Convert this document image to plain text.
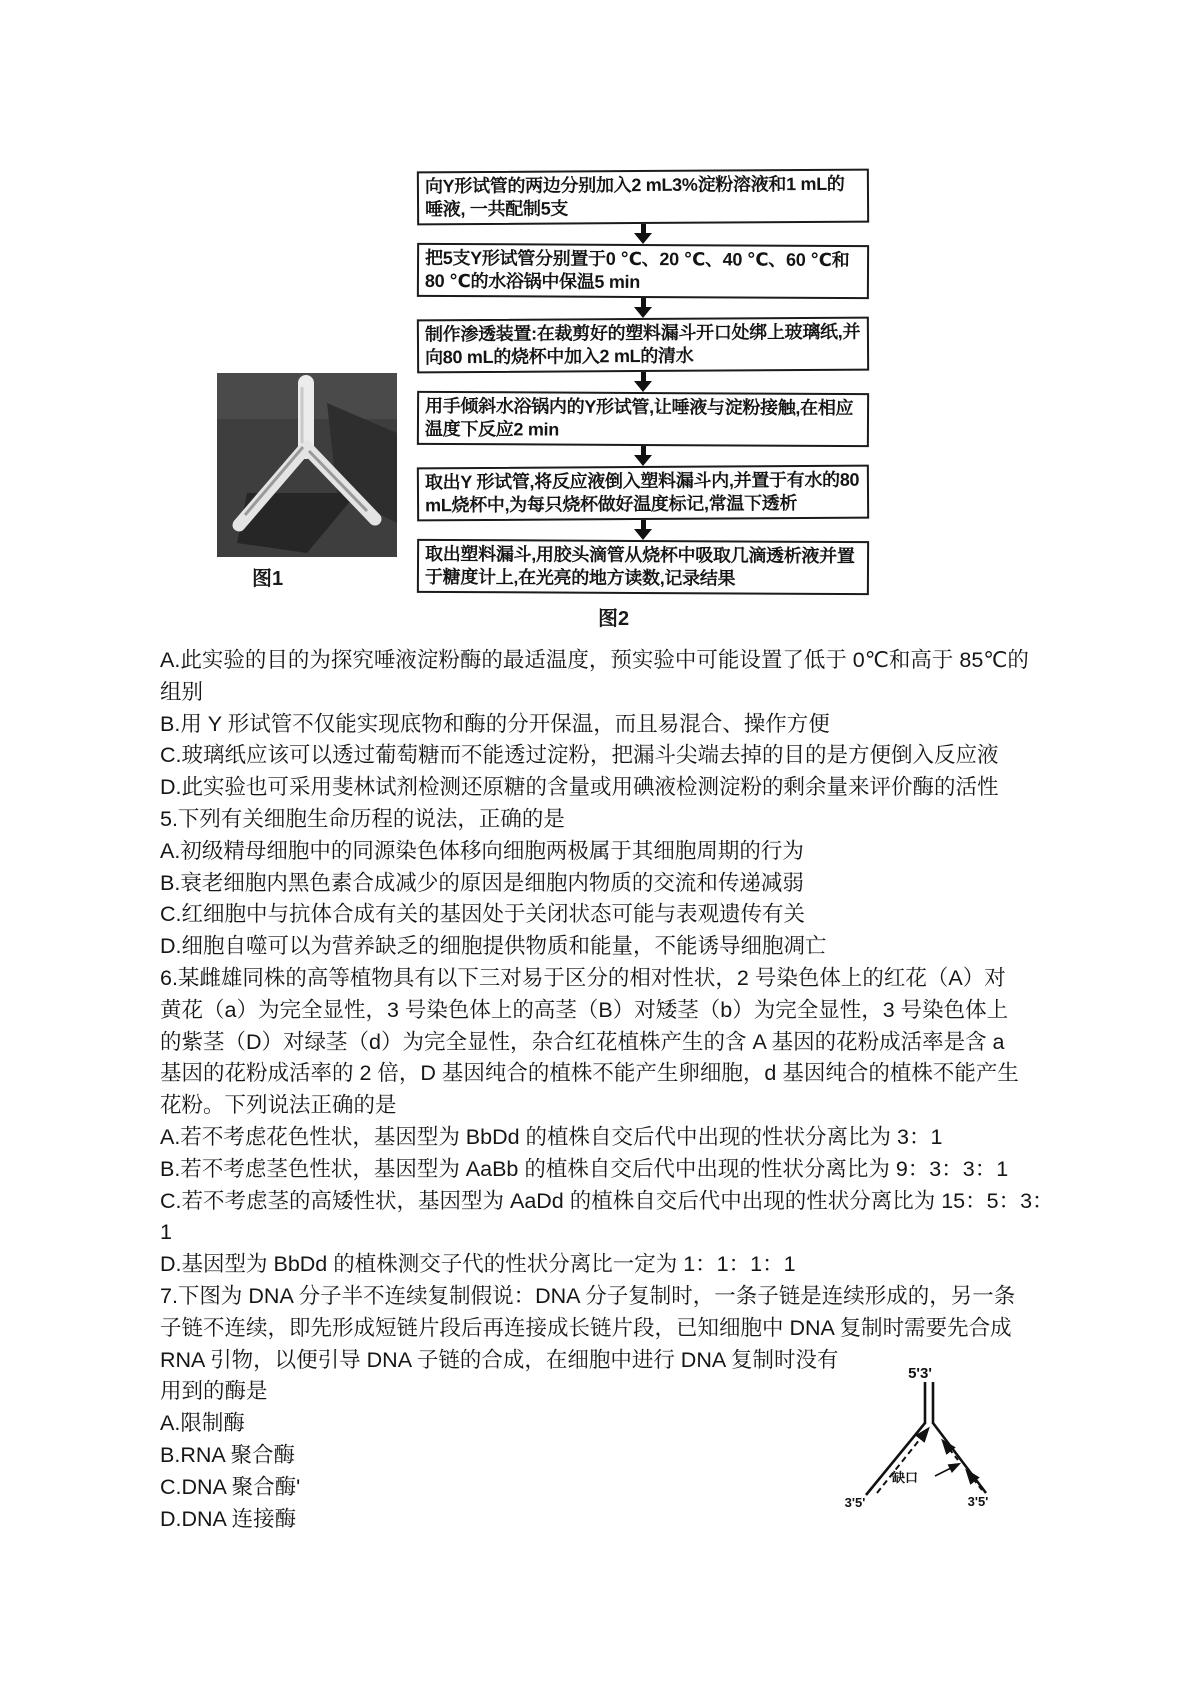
向Y形试管的两边分别加入2 mL3%淀粉溶液和1 mL的唾液, 一共配制5支
把5支Y形试管分别置于0 ℃、20 ℃、40 ℃、60 ℃和80 ℃的水浴锅中保温5 min
制作渗透装置:在裁剪好的塑料漏斗开口处绑上玻璃纸,并向80 mL的烧杯中加入2 mL的清水
用手倾斜水浴锅内的Y形试管,让唾液与淀粉接触,在相应温度下反应2 min
取出Y 形试管,将反应液倒入塑料漏斗内,并置于有水的80 mL烧杯中,为每只烧杯做好温度标记,常温下透析
取出塑料漏斗,用胶头滴管从烧杯中吸取几滴透析液并置于糖度计上,在光亮的地方读数,记录结果
图1
图2

A.此实验的目的为探究唾液淀粉酶的最适温度，预实验中可能设置了低于 0℃和高于 85℃的

组别

B.用 Y 形试管不仅能实现底物和酶的分开保温，而且易混合、操作方便

C.玻璃纸应该可以透过葡萄糖而不能透过淀粉，把漏斗尖端去掉的目的是方便倒入反应液

D.此实验也可采用斐林试剂检测还原糖的含量或用碘液检测淀粉的剩余量来评价酶的活性

5.下列有关细胞生命历程的说法，正确的是

A.初级精母细胞中的同源染色体移向细胞两极属于其细胞周期的行为

B.衰老细胞内黑色素合成减少的原因是细胞内物质的交流和传递减弱

C.红细胞中与抗体合成有关的基因处于关闭状态可能与表观遗传有关

D.细胞自噬可以为营养缺乏的细胞提供物质和能量，不能诱导细胞凋亡

6.某雌雄同株的高等植物具有以下三对易于区分的相对性状，2 号染色体上的红花（A）对

黄花（a）为完全显性，3 号染色体上的高茎（B）对矮茎（b）为完全显性，3 号染色体上

的紫茎（D）对绿茎（d）为完全显性，杂合红花植株产生的含 A 基因的花粉成活率是含 a

基因的花粉成活率的 2 倍，D 基因纯合的植株不能产生卵细胞，d 基因纯合的植株不能产生

花粉。下列说法正确的是

A.若不考虑花色性状，基因型为 BbDd 的植株自交后代中出现的性状分离比为 3：1

B.若不考虑茎色性状，基因型为 AaBb 的植株自交后代中出现的性状分离比为 9：3：3：1

C.若不考虑茎的高矮性状，基因型为 AaDd 的植株自交后代中出现的性状分离比为 15：5：3：

1

D.基因型为 BbDd 的植株测交子代的性状分离比一定为 1：1：1：1

7.下图为 DNA 分子半不连续复制假说：DNA 分子复制时，一条子链是连续形成的，另一条

子链不连续，即先形成短链片段后再连接成长链片段，已知细胞中 DNA 复制时需要先合成

RNA 引物，以便引导 DNA 子链的合成，在细胞中进行 DNA 复制时没有

用到的酶是

A.限制酶

B.RNA 聚合酶

C.DNA 聚合酶'

D.DNA 连接酶

5'3'
缺口
3'5'	3'5'
